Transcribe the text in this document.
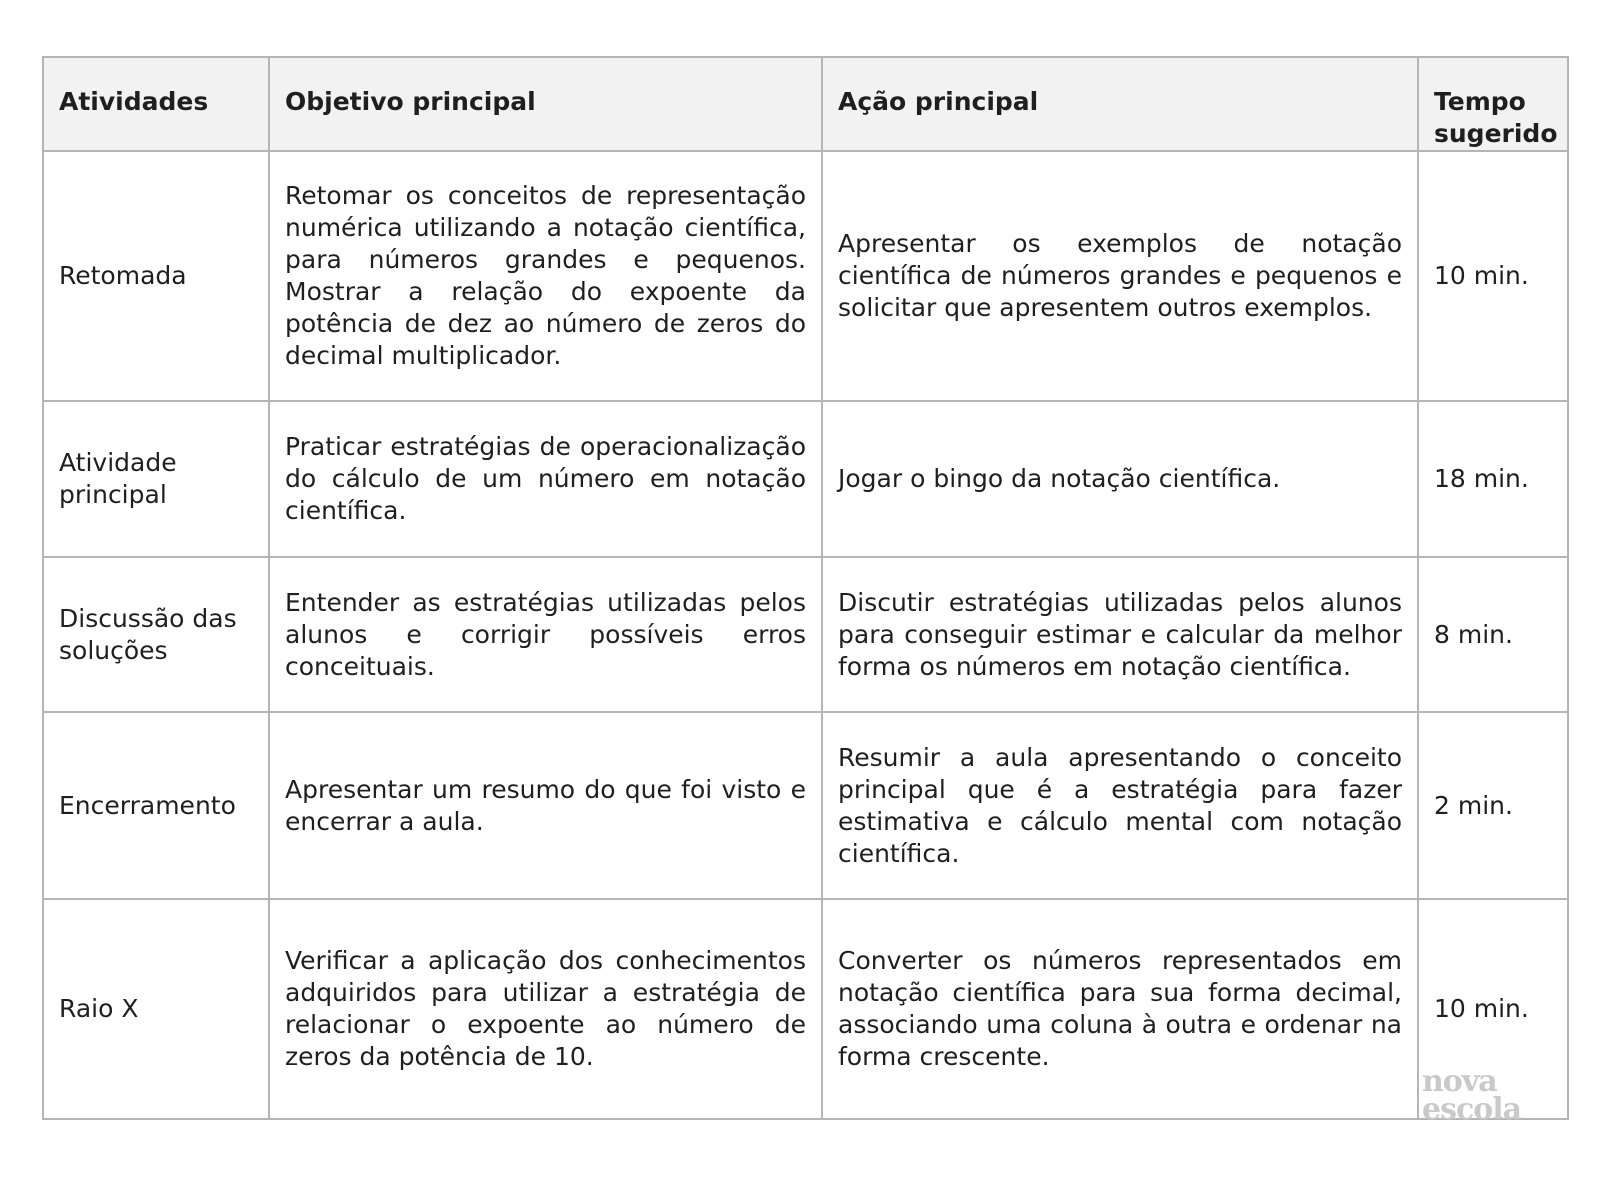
Atividades	Objetivo principal	Ação principal	Tempo sugerido
Retomada	Retomar os conceitos de representação numérica utilizando a notação científica, para números grandes e pequenos. Mostrar a relação do expoente da potência de dez ao número de zeros do decimal multiplicador.	Apresentar os exemplos de notação científica de números grandes e pequenos e solicitar que apresentem outros exemplos.	10 min.
Atividade principal	Praticar estratégias de operacionalização do cálculo de um número em notação científica.	Jogar o bingo da notação científica.	18 min.
Discussão das soluções	Entender as estratégias utilizadas pelos alunos e corrigir possíveis erros conceituais.	Discutir estratégias utilizadas pelos alunos para conseguir estimar e calcular da melhor forma os números em notação científica.	8 min.
Encerramento	Apresentar um resumo do que foi visto e encerrar a aula.	Resumir a aula apresentando o conceito principal que é a estratégia para fazer estimativa e cálculo mental com notação científica.	2 min.
Raio X	Verificar a aplicação dos conhecimentos adquiridos para utilizar a estratégia de relacionar o expoente ao número de zeros da potência de 10.	Converter os números representados em notação científica para sua forma decimal, associando uma coluna à outra e ordenar na forma crescente.	10 min.
nova
escola
